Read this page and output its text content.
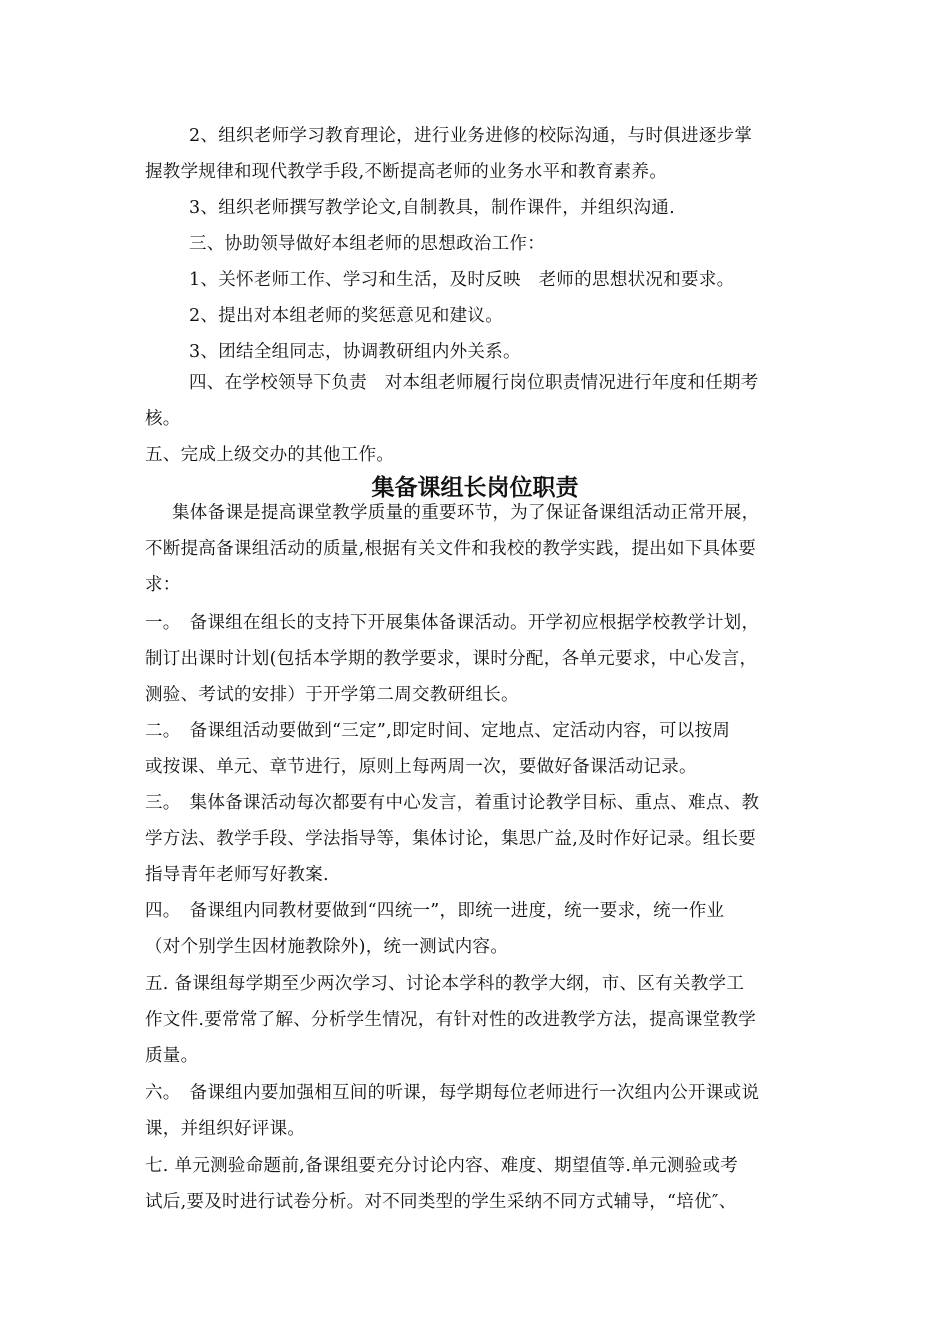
2、组织老师学习教育理论，进行业务进修的校际沟通，与时俱进逐步掌
握教学规律和现代教学手段,不断提高老师的业务水平和教育素养。
3、组织老师撰写教学论文,自制教具，制作课件，并组织沟通.
三、协助领导做好本组老师的思想政治工作：
1、关怀老师工作、学习和生活，及时反映　老师的思想状况和要求。
2、提出对本组老师的奖惩意见和建议。
3、团结全组同志，协调教研组内外关系。
四、在学校领导下负责　对本组老师履行岗位职责情况进行年度和任期考
核。
五、完成上级交办的其他工作。
集备课组长岗位职责
集体备课是提高课堂教学质量的重要环节，为了保证备课组活动正常开展，
不断提高备课组活动的质量,根据有关文件和我校的教学实践，提出如下具体要
求：
一。　备课组在组长的支持下开展集体备课活动。开学初应根据学校教学计划，
制订出课时计划(包括本学期的教学要求，课时分配，各单元要求，中心发言，
测验、考试的安排）于开学第二周交教研组长。
二。　备课组活动要做到“三定”,即定时间、定地点、定活动内容，可以按周
或按课、单元、章节进行，原则上每两周一次，要做好备课活动记录。
三。　集体备课活动每次都要有中心发言，着重讨论教学目标、重点、难点、教
学方法、教学手段、学法指导等，集体讨论，集思广益,及时作好记录。组长要
指导青年老师写好教案.
四。　备课组内同教材要做到“四统一”，即统一进度，统一要求，统一作业
（对个别学生因材施教除外)，统一测试内容。
五. 备课组每学期至少两次学习、讨论本学科的教学大纲，市、区有关教学工
作文件.要常常了解、分析学生情况，有针对性的改进教学方法，提高课堂教学
质量。
六。　备课组内要加强相互间的听课，每学期每位老师进行一次组内公开课或说
课，并组织好评课。
七. 单元测验命题前,备课组要充分讨论内容、难度、期望值等.单元测验或考
试后,要及时进行试卷分析。对不同类型的学生采纳不同方式辅导，“培优″、
